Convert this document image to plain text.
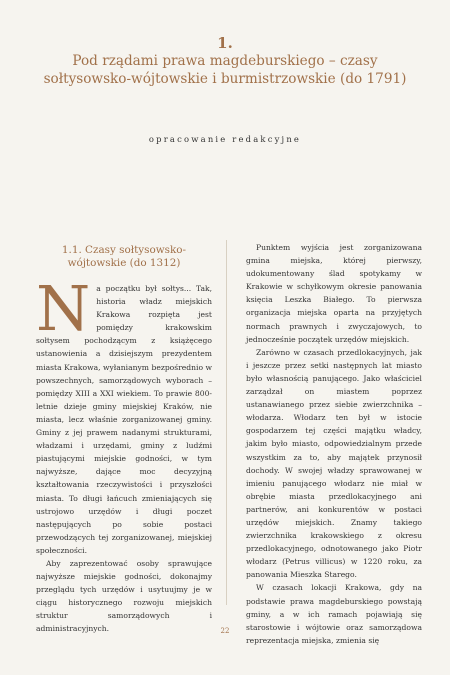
1.
Pod rządami prawa magdeburskiego – czasy sołtysowsko-wójtowskie i burmistrzowskie (do 1791)
opracowanie redakcyjne
1.1. Czasy sołtysowsko-wójtowskie (do 1312)

Na początku był sołtys... Tak, historia władz miejskich Krakowa rozpięta jest pomiędzy krakowskim sołtysem pochodzącym z książęcego ustanowienia a dzisiejszym prezydentem miasta Krakowa, wyłanianym bezpośrednio w powszechnych, samorządowych wyborach – pomiędzy XIII a XXI wiekiem. To prawie 800-letnie dzieje gminy miejskiej Kraków, nie miasta, lecz właśnie zorganizowanej gminy. Gminy z jej prawem nadanymi strukturami, władzami i urzędami, gminy z ludźmi piastującymi miejskie godności, w tym najwyższe, dające moc decyzyjną kształtowania rzeczywistości i przyszłości miasta. To długi łańcuch zmieniających się ustrojowo urzędów i długi poczet następujących po sobie postaci przewodzących tej zorganizowanej, miejskiej społeczności.

Aby zaprezentować osoby sprawujące najwyższe miejskie godności, dokonajmy przeglądu tych urzędów i usytuujmy je w ciągu historycznego rozwoju miejskich struktur samorządowych i administracyjnych.

Punktem wyjścia jest zorganizowana gmina miejska, której pierwszy, udokumentowany ślad spotykamy w Krakowie w schyłkowym okresie panowania księcia Leszka Białego. To pierwsza organizacja miejska oparta na przyjętych normach prawnych i zwyczajowych, to jednocześnie początek urzędów miejskich.

Zarówno w czasach przedlokacyjnych, jak i jeszcze przez setki następnych lat miasto było własnością panującego. Jako właściciel zarządzał on miastem poprzez ustanawianego przez siebie zwierzchnika – włodarza. Włodarz ten był w istocie gospodarzem tej części majątku władcy, jakim było miasto, odpowiedzialnym przede wszystkim za to, aby majątek przynosił dochody. W swojej władzy sprawowanej w imieniu panującego włodarz nie miał w obrębie miasta przedlokacyjnego ani partnerów, ani konkurentów w postaci urzędów miejskich. Znamy takiego zwierzchnika krakowskiego z okresu przedlokacyjnego, odnotowanego jako Piotr włodarz (Petrus villicus) w 1220 roku, za panowania Mieszka Starego.

W czasach lokacji Krakowa, gdy na podstawie prawa magdeburskiego powstają gminy, a w ich ramach pojawiają się starostowie i wójtowie oraz samorządowa reprezentacja miejska, zmienia się

22
